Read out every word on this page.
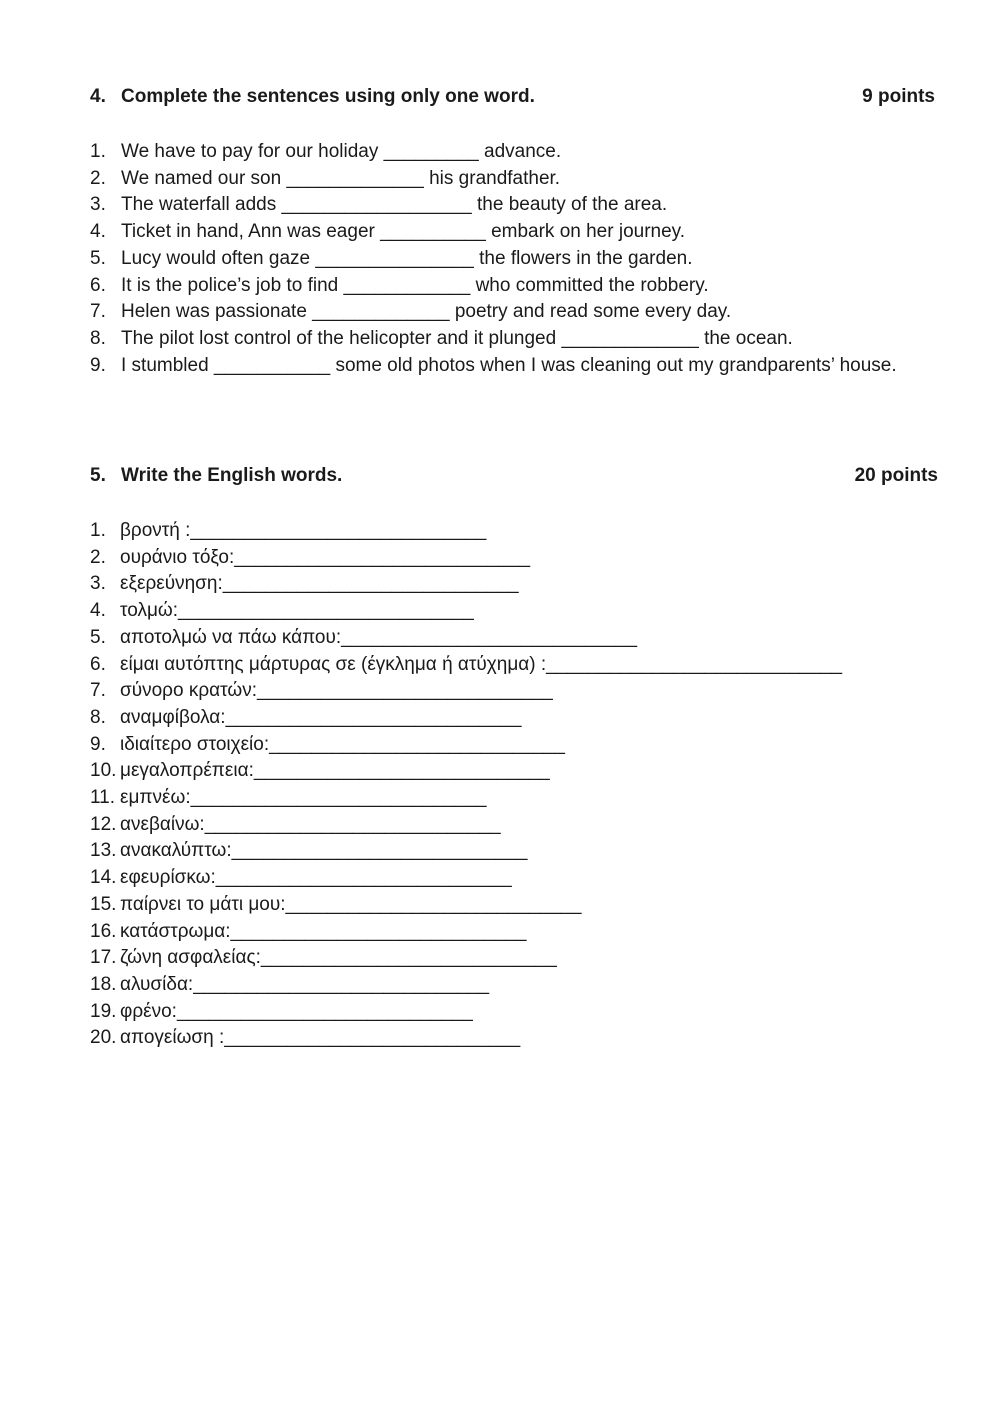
4. Complete the sentences using only one word.	9 points
1. We have to pay for our holiday _________ advance.
2. We named our son _____________ his grandfather.
3. The waterfall adds __________________ the beauty of the area.
4. Ticket in hand, Ann was eager __________ embark on her journey.
5. Lucy would often gaze _______________ the flowers in the garden.
6. It is the police’s job to find ____________ who committed the robbery.
7. Helen was passionate _____________ poetry and read some every day.
8. The pilot lost control of the helicopter and it plunged _____________ the ocean.
9. I stumbled ___________ some old photos when I was cleaning out my grandparents’ house.
5. Write the English words.	20 points
1. βροντή :____________________________
2. ουράνιο τόξο:____________________________
3. εξερεύνηση:____________________________
4. τολμώ:____________________________
5. αποτολμώ να πάω κάπου:____________________________
6. είμαι αυτόπτης μάρτυρας σε (έγκλημα ή ατύχημα) :____________________________
7. σύνορο κρατών:____________________________
8. αναμφίβολα:____________________________
9. ιδιαίτερο στοιχείο:____________________________
10. μεγαλοπρέπεια:____________________________
11. εμπνέω:____________________________
12. ανεβαίνω:____________________________
13. ανακαλύπτω:____________________________
14. εφευρίσκω:____________________________
15. παίρνει το μάτι μου:____________________________
16. κατάστρωμα:____________________________
17. ζώνη ασφαλείας:____________________________
18. αλυσίδα:____________________________
19. φρένο:____________________________
20. απογείωση :____________________________
